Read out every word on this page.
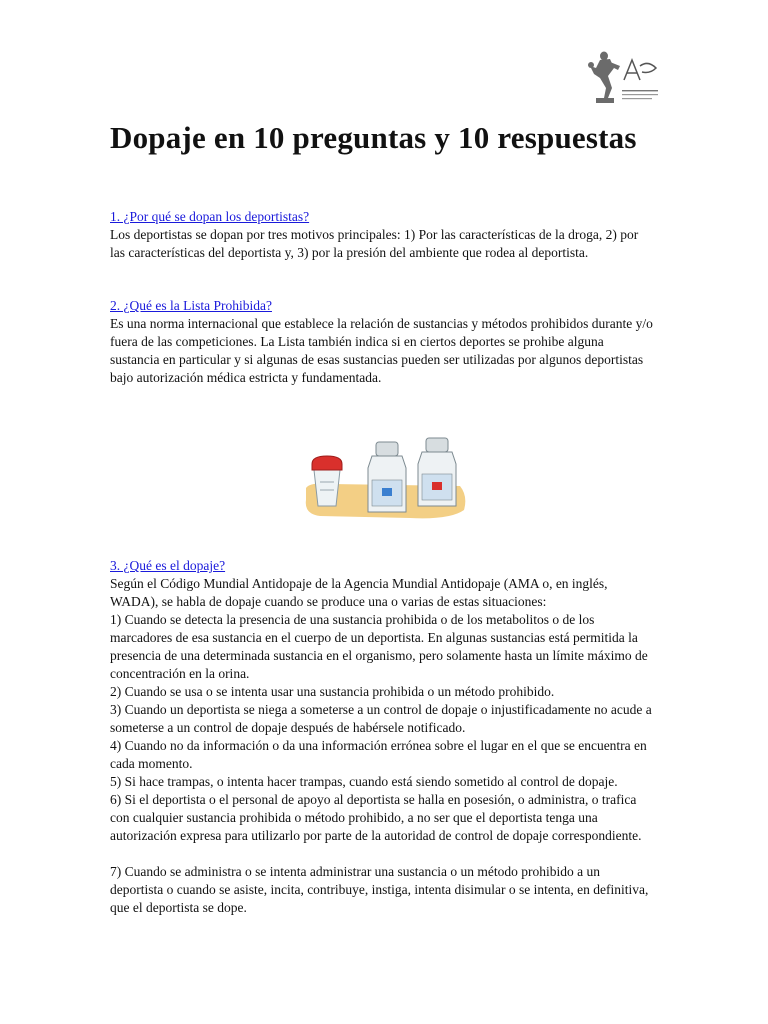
Dopaje en 10 preguntas y 10 respuestas
1. ¿Por qué se dopan los deportistas?

Los deportistas se dopan por tres motivos principales: 1) Por las características de la droga, 2) por las características del deportista y, 3) por la presión del ambiente que rodea al deportista.

2. ¿Qué es la Lista Prohibida?

Es una norma internacional que establece la relación de sustancias y métodos prohibidos durante y/o fuera de las competiciones. La Lista también indica si en ciertos deportes se prohibe alguna sustancia en particular y si algunas de esas sustancias pueden ser utilizadas por algunos deportistas bajo autorización médica estricta y fundamentada.

3. ¿Qué es el dopaje?

Según el Código Mundial Antidopaje de la Agencia Mundial Antidopaje (AMA o, en inglés, WADA), se habla de dopaje cuando se produce una o varias de estas situaciones:

1) Cuando se detecta la presencia de una sustancia prohibida o de los metabolitos o de los marcadores de esa sustancia en el cuerpo de un deportista. En algunas sustancias está permitida la presencia de una determinada sustancia en el organismo, pero solamente hasta un límite máximo de concentración en la orina.

2) Cuando se usa o se intenta usar una sustancia prohibida o un método prohibido.

3) Cuando un deportista se niega a someterse a un control de dopaje o injustificadamente no acude a someterse a un control de dopaje después de habérsele notificado.

4) Cuando no da información o da una información errónea sobre el lugar en el que se encuentra en cada momento.

5) Si hace trampas, o intenta hacer trampas, cuando está siendo sometido al control de dopaje.

6) Si el deportista o el personal de apoyo al deportista se halla en posesión, o administra, o trafica con cualquier sustancia prohibida o método prohibido, a no ser que el deportista tenga una autorización expresa para utilizarlo por parte de la autoridad de control de dopaje correspondiente.

7) Cuando se administra o se intenta administrar una sustancia o un método prohibido a un deportista o cuando se asiste, incita, contribuye, instiga, intenta disimular o se intenta, en definitiva, que el deportista se dope.
